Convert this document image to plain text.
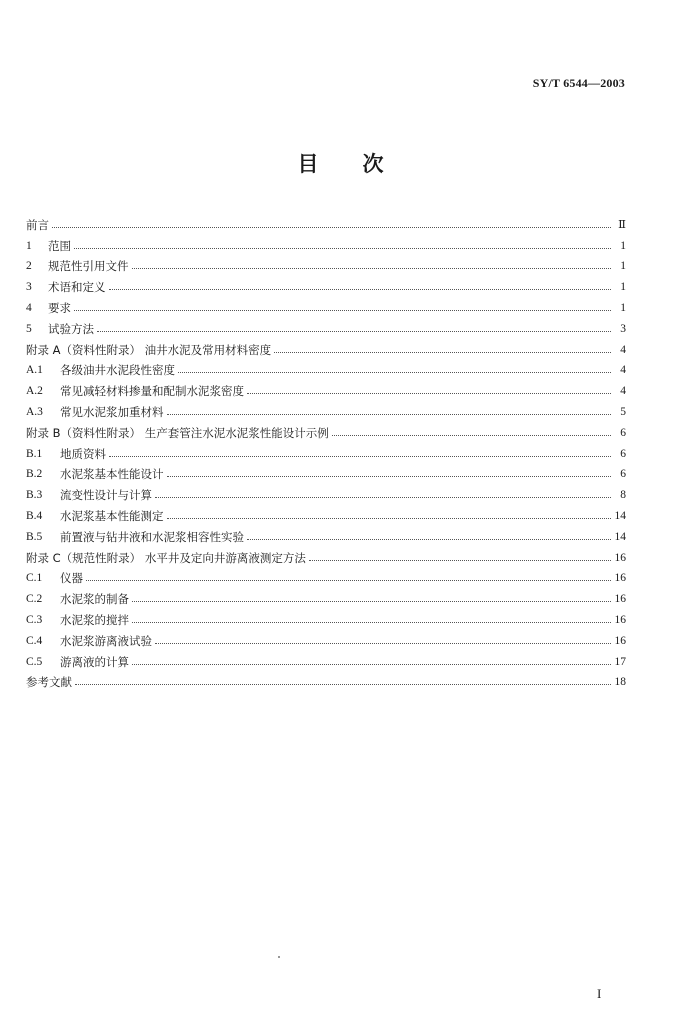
SY/T 6544—2003
目次
前言	Ⅱ
1	范围	1
2	规范性引用文件	1
3	术语和定义	1
4	要求	1
5	试验方法	3
附录 A（资料性附录） 油井水泥及常用材料密度	4
A.1	各级油井水泥段性密度	4
A.2	常见减轻材料掺量和配制水泥浆密度	4
A.3	常见水泥浆加重材料	5
附录 B（资料性附录） 生产套管注水泥水泥浆性能设计示例	6
B.1	地质资料	6
B.2	水泥浆基本性能设计	6
B.3	流变性设计与计算	8
B.4	水泥浆基本性能测定	14
B.5	前置液与钻井液和水泥浆相容性实验	14
附录 C（规范性附录） 水平井及定向井游离液测定方法	16
C.1	仪器	16
C.2	水泥浆的制备	16
C.3	水泥浆的搅拌	16
C.4	水泥浆游离液试验	16
C.5	游离液的计算	17
参考文献	18
I
